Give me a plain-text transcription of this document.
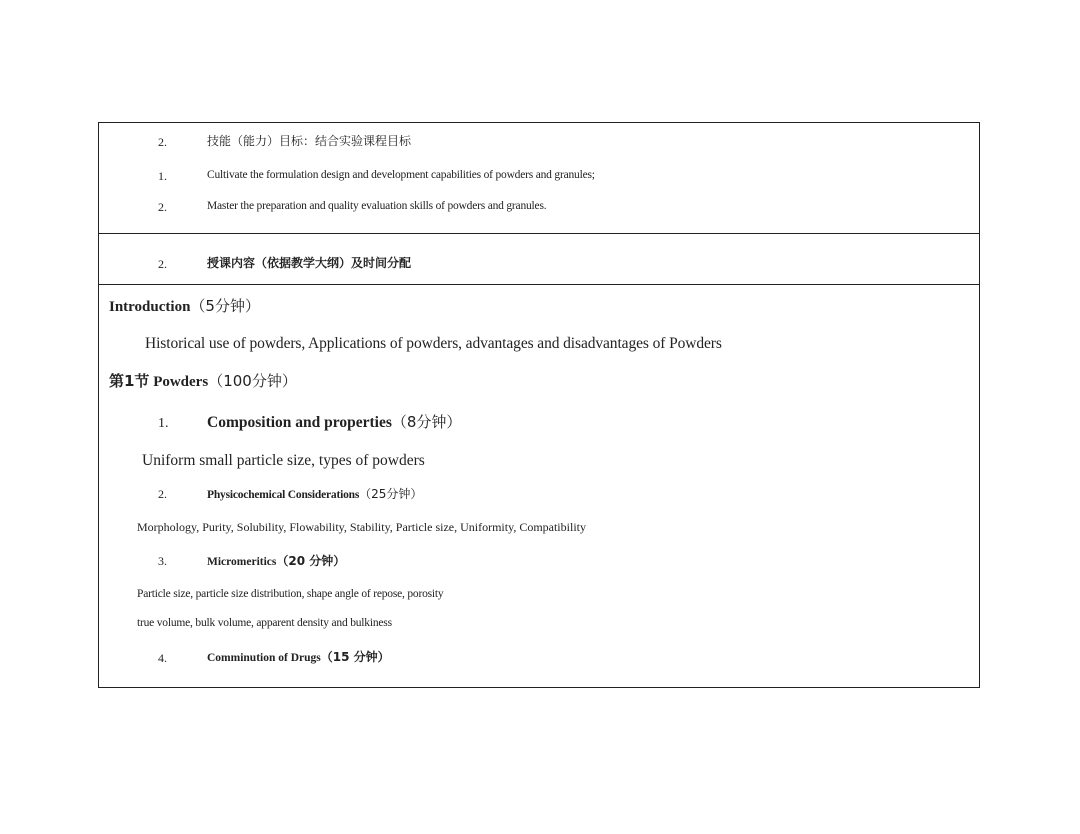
2.	技能（能力）目标：结合实验课程目标
1.	Cultivate the formulation design and development capabilities of powders and granules;
2.	Master the preparation and quality evaluation skills of powders and granules.
2.	授课内容（依据教学大纲）及时间分配
Introduction（5分钟）
Historical use of powders, Applications of powders, advantages and disadvantages of Powders
第1节 Powders（100分钟）
1. Composition and properties（8分钟）
Uniform small particle size, types of powders
2.	Physicochemical Considerations（25分钟）
Morphology, Purity, Solubility, Flowability, Stability, Particle size, Uniformity, Compatibility
3.	Micromeritics（20 分钟）
Particle size, particle size distribution, shape angle of repose, porosity
true volume, bulk volume, apparent density and bulkiness
4.	Comminution of Drugs（15 分钟）
